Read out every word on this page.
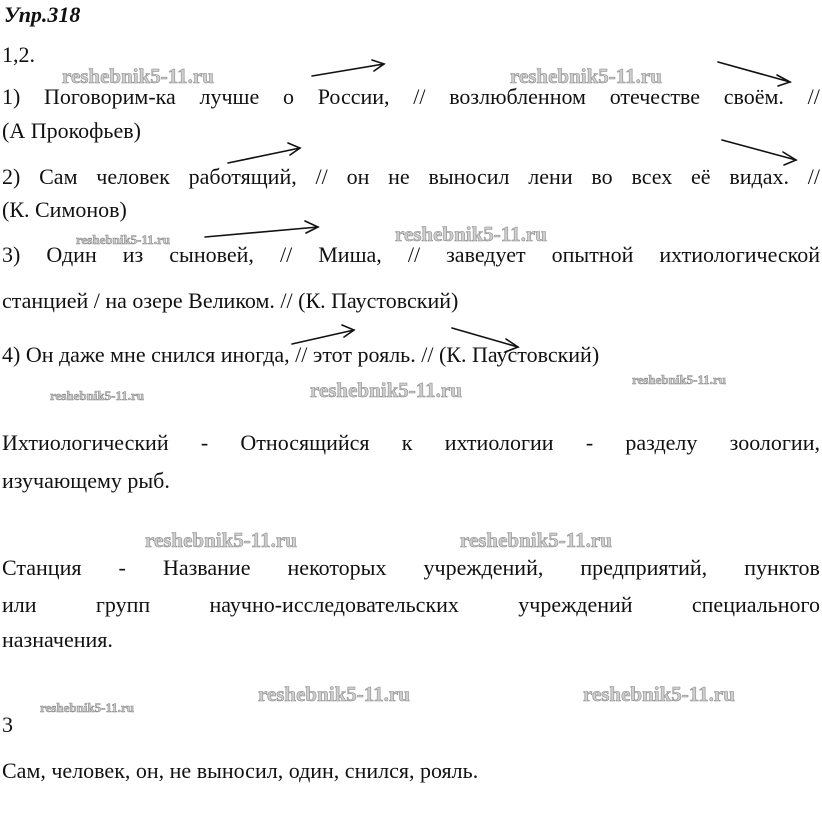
Упр.318
1,2.
1) Поговорим-ка лучше о России, // возлюбленном отечестве своём. //
(А Прокофьев)
2) Сам человек работящий, // он не выносил лени во всех её видах. //
(К. Симонов)
3) Один из сыновей, // Миша, // заведует опытной ихтиологической
станцией / на озере Великом. // (К. Паустовский)
4) Он даже мне снился иногда, // этот рояль. // (К. Паустовский)
Ихтиологический - Относящийся к ихтиологии - разделу зоологии,
изучающему рыб.
Станция - Название некоторых учреждений, предприятий, пунктов
или	групп	научно-исследовательских	учреждений	специального
назначения.
3
Сам, человек, он, не выносил, один, снился, рояль.
reshebnik5-11.ru	reshebnik5-11.ru
reshebnik5-11.ru	reshebnik5-11.ru
reshebnik5-11.ru	reshebnik5-11.ru	reshebnik5-11.ru
reshebnik5-11.ru	reshebnik5-11.ru
reshebnik5-11.ru
reshebnik5-11.ru	reshebnik5-11.ru
